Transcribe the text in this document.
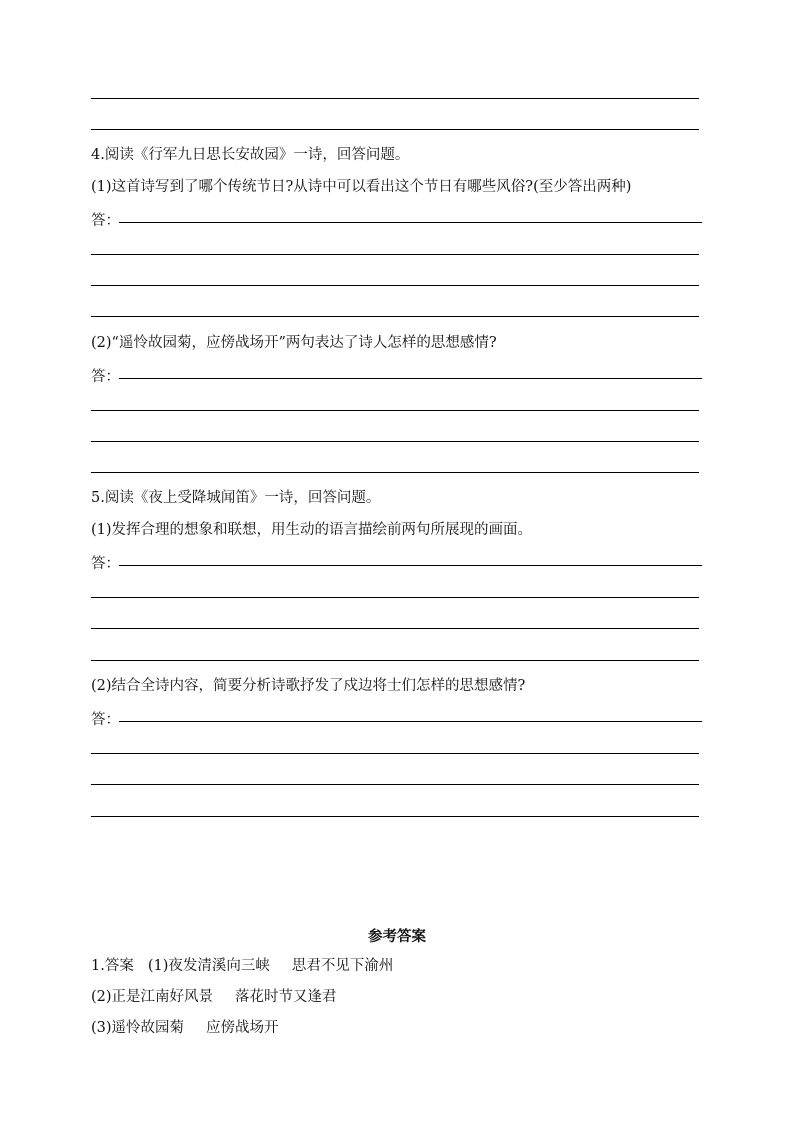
4.阅读《行军九日思长安故园》一诗，回答问题。
(1)这首诗写到了哪个传统节日?从诗中可以看出这个节日有哪些风俗?(至少答出两种)
答：
(2)“遥怜故园菊，应傍战场开”两句表达了诗人怎样的思想感情?
答：
5.阅读《夜上受降城闻笛》一诗，回答问题。
(1)发挥合理的想象和联想，用生动的语言描绘前两句所展现的画面。
答：
(2)结合全诗内容，简要分析诗歌抒发了戍边将士们怎样的思想感情?
答：
参考答案
1.答案 (1)夜发清溪向三峡 思君不见下渝州
(2)正是江南好风景 落花时节又逢君
(3)遥怜故园菊 应傍战场开
